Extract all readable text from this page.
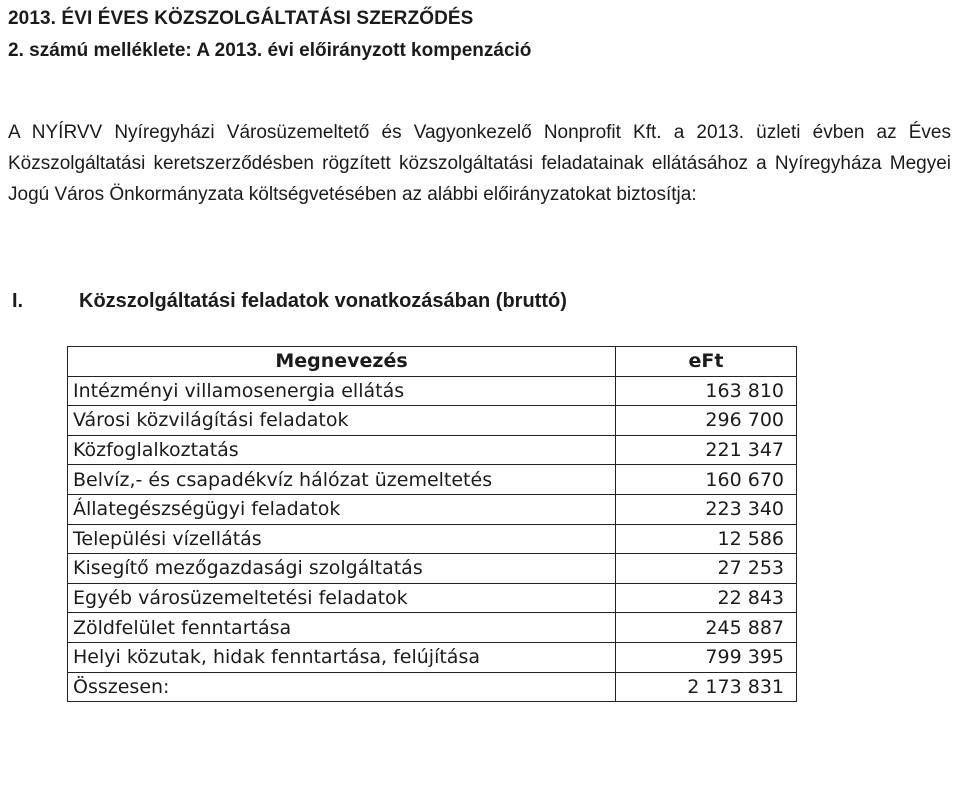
2013. ÉVI ÉVES KÖZSZOLGÁLTATÁSI SZERZŐDÉS
2. számú melléklete: A 2013. évi előirányzott kompenzáció

A NYÍRVV Nyíregyházi Városüzemeltető és Vagyonkezelő Nonprofit Kft. a 2013. üzleti évben az Éves Közszolgáltatási keretszerződésben rögzített közszolgáltatási feladatainak ellátásához a Nyíregyháza Megyei Jogú Város Önkormányzata költségvetésében az alábbi előirányzatokat biztosítja:

I.	Közszolgáltatási feladatok vonatkozásában (bruttó)
Megnevezés	eFt
Intézményi villamosenergia ellátás	163 810
Városi közvilágítási feladatok	296 700
Közfoglalkoztatás	221 347
Belvíz,- és csapadékvíz hálózat üzemeltetés	160 670
Állategészségügyi feladatok	223 340
Települési vízellátás	12 586
Kisegítő mezőgazdasági szolgáltatás	27 253
Egyéb városüzemeltetési feladatok	22 843
Zöldfelület fenntartása	245 887
Helyi közutak, hidak fenntartása, felújítása	799 395
Összesen:	2 173 831
